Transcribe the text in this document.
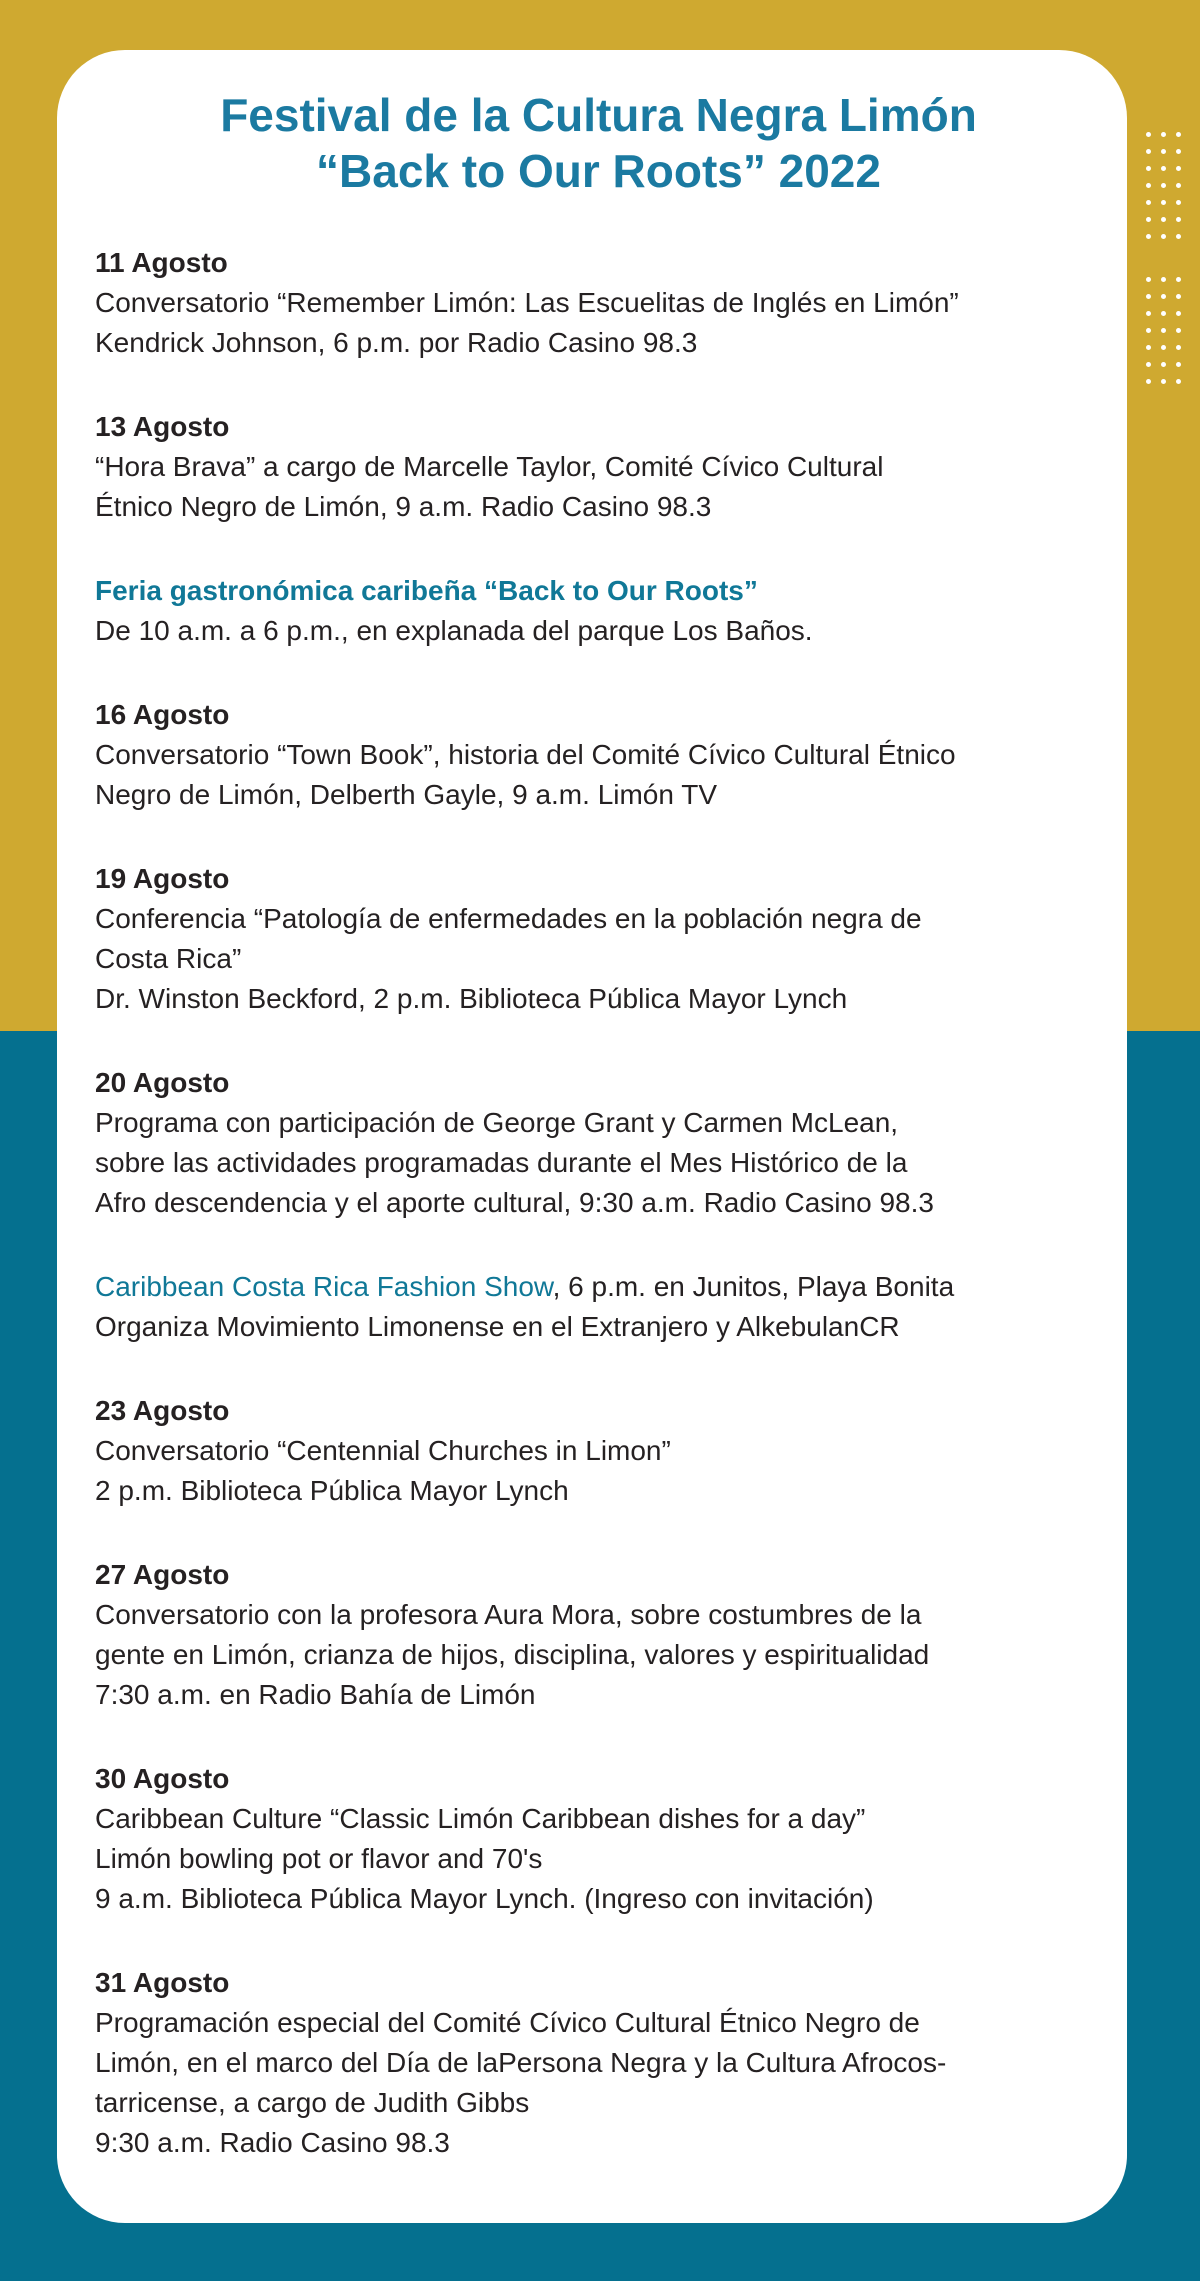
Festival de la Cultura Negra Limón
“Back to Our Roots” 2022
11 Agosto

Conversatorio “Remember Limón: Las Escuelitas de Inglés en Limón”

Kendrick Johnson, 6 p.m. por Radio Casino 98.3

13 Agosto

“Hora Brava” a cargo de Marcelle Taylor, Comité Cívico Cultural

Étnico Negro de Limón, 9 a.m. Radio Casino 98.3

Feria gastronómica caribeña “Back to Our Roots”

De 10 a.m. a 6 p.m., en explanada del parque Los Baños.

16 Agosto

Conversatorio “Town Book”, historia del Comité Cívico Cultural Étnico

Negro de Limón, Delberth Gayle, 9 a.m. Limón TV

19 Agosto

Conferencia “Patología de enfermedades en la población negra de

Costa Rica”

Dr. Winston Beckford, 2 p.m. Biblioteca Pública Mayor Lynch

20 Agosto

Programa con participación de George Grant y Carmen McLean,

sobre las actividades programadas durante el Mes Histórico de la

Afro descendencia y el aporte cultural, 9:30 a.m. Radio Casino 98.3

Caribbean Costa Rica Fashion Show, 6 p.m. en Junitos, Playa Bonita

Organiza Movimiento Limonense en el Extranjero y AlkebulanCR

23 Agosto

Conversatorio “Centennial Churches in Limon”

2 p.m. Biblioteca Pública Mayor Lynch

27 Agosto

Conversatorio con la profesora Aura Mora, sobre costumbres de la

gente en Limón, crianza de hijos, disciplina, valores y espiritualidad

7:30 a.m. en Radio Bahía de Limón

30 Agosto

Caribbean Culture “Classic Limón Caribbean dishes for a day”

Limón bowling pot or flavor and 70's

9 a.m. Biblioteca Pública Mayor Lynch. (Ingreso con invitación)

31 Agosto

Programación especial del Comité Cívico Cultural Étnico Negro de

Limón, en el marco del Día de laPersona Negra y la Cultura Afrocos-

tarricense, a cargo de Judith Gibbs

9:30 a.m. Radio Casino 98.3
